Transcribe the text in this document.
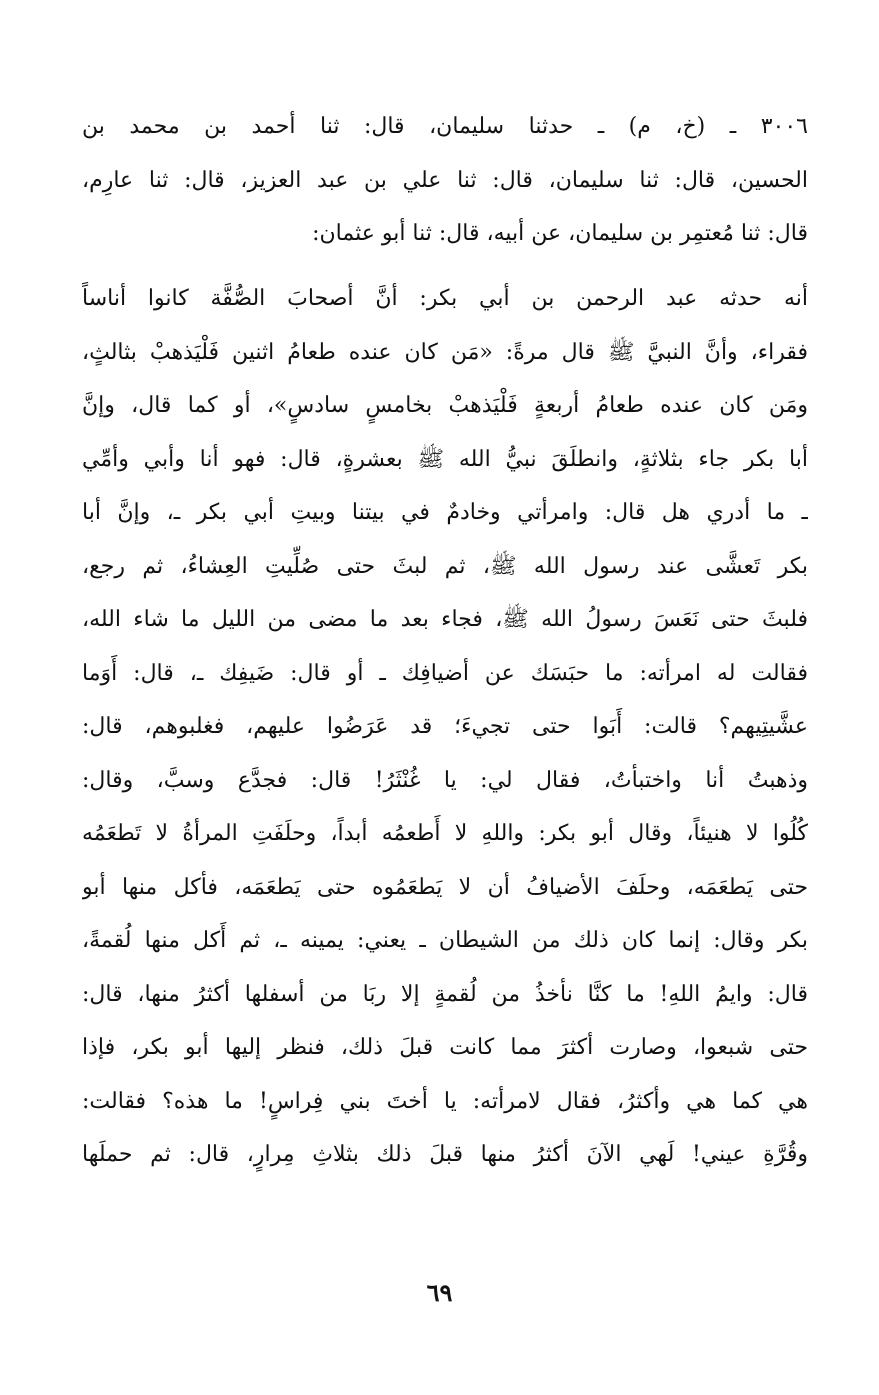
٣٠٠٦ ـ (خ، م) ـ حدثنا سليمان، قال: ثنا أحمد بن محمد بن
الحسين، قال: ثنا سليمان، قال: ثنا علي بن عبد العزيز، قال: ثنا عارِم،
قال: ثنا مُعتمِر بن سليمان، عن أبيه، قال: ثنا أبو عثمان:
أنه حدثه عبد الرحمن بن أبي بكر: أنَّ أصحابَ الصُّفَّة كانوا أناساً
فقراء، وأنَّ النبيَّ ﷺ قال مرةً: «مَن كان عنده طعامُ اثنين فَلْيَذهبْ بثالثٍ،
ومَن كان عنده طعامُ أربعةٍ فَلْيَذهبْ بخامسٍ سادسٍ»، أو كما قال، وإنَّ
أبا بكر جاء بثلاثةٍ، وانطلَقَ نبيُّ الله ﷺ بعشرةٍ، قال: فهو أنا وأبي وأمِّي
ـ ما أدري هل قال: وامرأتي وخادمٌ في بيتنا وبيتِ أبي بكر ـ، وإنَّ أبا
بكر تَعشَّى عند رسول الله ﷺ، ثم لبثَ حتى صُلِّيتِ العِشاءُ، ثم رجع،
فلبثَ حتى نَعَسَ رسولُ الله ﷺ، فجاء بعد ما مضى من الليل ما شاء الله،
فقالت له امرأته: ما حبَسَك عن أضيافِك ـ أو قال: ضَيفِك ـ، قال: أَوَما
عشَّيتِيهم؟ قالت: أَبَوا حتى تجيءَ؛ قد عَرَضُوا عليهم، فغلبوهم، قال:
وذهبتُ أنا واختبأتُ، فقال لي: يا غُنْثَرُ! قال: فجدَّع وسبَّ، وقال:
كُلُوا لا هنيئاً، وقال أبو بكر: واللهِ لا أَطعمُه أبداً، وحلَفَتِ المرأةُ لا تَطعَمُه
حتى يَطعَمَه، وحلَفَ الأضيافُ أن لا يَطعَمُوه حتى يَطعَمَه، فأكل منها أبو
بكر وقال: إنما كان ذلك من الشيطان ـ يعني: يمينه ـ، ثم أَكل منها لُقمةً،
قال: وايمُ اللهِ! ما كنَّا نأخذُ من لُقمةٍ إلا ربَا من أسفلها أكثرُ منها، قال:
حتى شبعوا، وصارت أكثرَ مما كانت قبلَ ذلك، فنظر إليها أبو بكر، فإذا
هي كما هي وأكثرُ، فقال لامرأته: يا أختَ بني فِراسٍ! ما هذه؟ فقالت:
وقُرَّةِ عيني! لَهي الآنَ أكثرُ منها قبلَ ذلك بثلاثِ مِرارٍ، قال: ثم حملَها
٦٩
